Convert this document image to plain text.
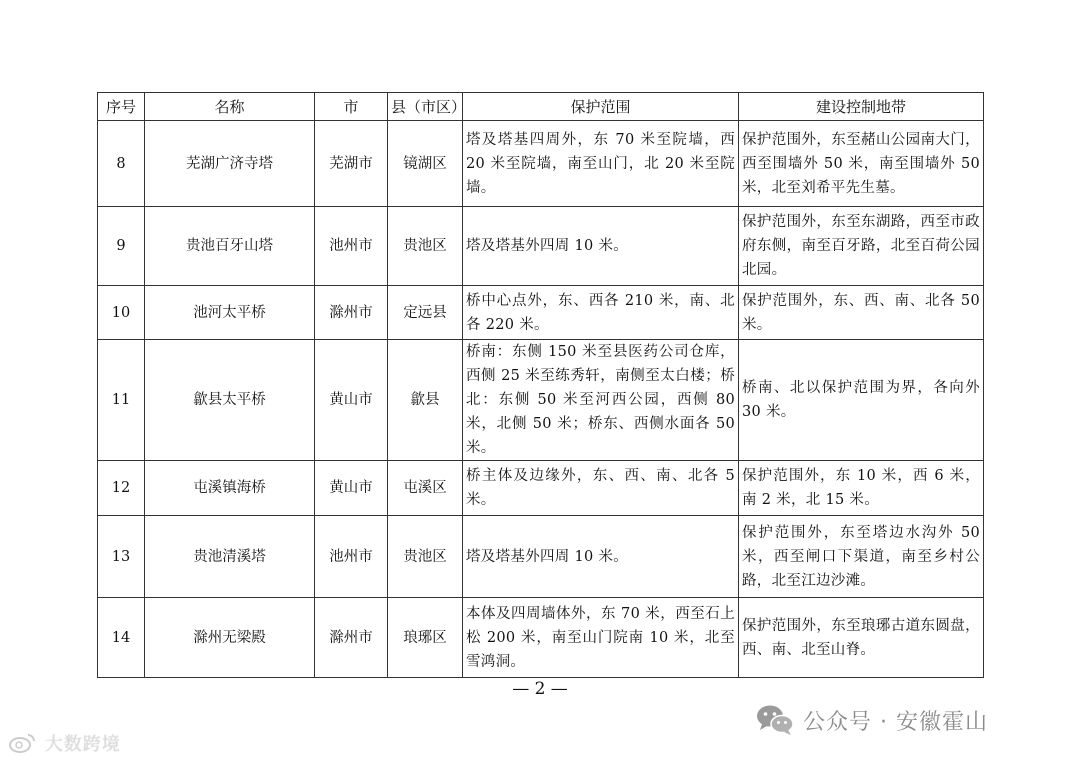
序号	名称	市	县（市区）	保护范围	建设控制地带
8	芜湖广济寺塔	芜湖市	镜湖区	塔及塔基四周外，东 70 米至院墙，西 20 米至院墙，南至山门，北 20 米至院墙。	保护范围外，东至赭山公园南大门，西至围墙外 50 米，南至围墙外 50 米，北至刘希平先生墓。
9	贵池百牙山塔	池州市	贵池区	塔及塔基外四周 10 米。	保护范围外，东至东湖路，西至市政府东侧，南至百牙路，北至百荷公园北园。
10	池河太平桥	滁州市	定远县	桥中心点外，东、西各 210 米，南、北各 220 米。	保护范围外，东、西、南、北各 50 米。
11	歙县太平桥	黄山市	歙县	桥南：东侧 150 米至县医药公司仓库，西侧 25 米至练秀轩，南侧至太白楼；桥北：东侧 50 米至河西公园，西侧 80 米，北侧 50 米；桥东、西侧水面各 50 米。	桥南、北以保护范围为界，各向外 30 米。
12	屯溪镇海桥	黄山市	屯溪区	桥主体及边缘外，东、西、南、北各 5 米。	保护范围外，东 10 米，西 6 米，南 2 米，北 15 米。
13	贵池清溪塔	池州市	贵池区	塔及塔基外四周 10 米。	保护范围外，东至塔边水沟外 50 米，西至闸口下渠道，南至乡村公路，北至江边沙滩。
14	滁州无梁殿	滁州市	琅琊区	本体及四周墙体外，东 70 米，西至石上松 200 米，南至山门院南 10 米，北至雪鸿洞。	保护范围外，东至琅琊古道东圆盘，西、南、北至山脊。
— 2 —
大数跨境
公众号 · 安徽霍山
